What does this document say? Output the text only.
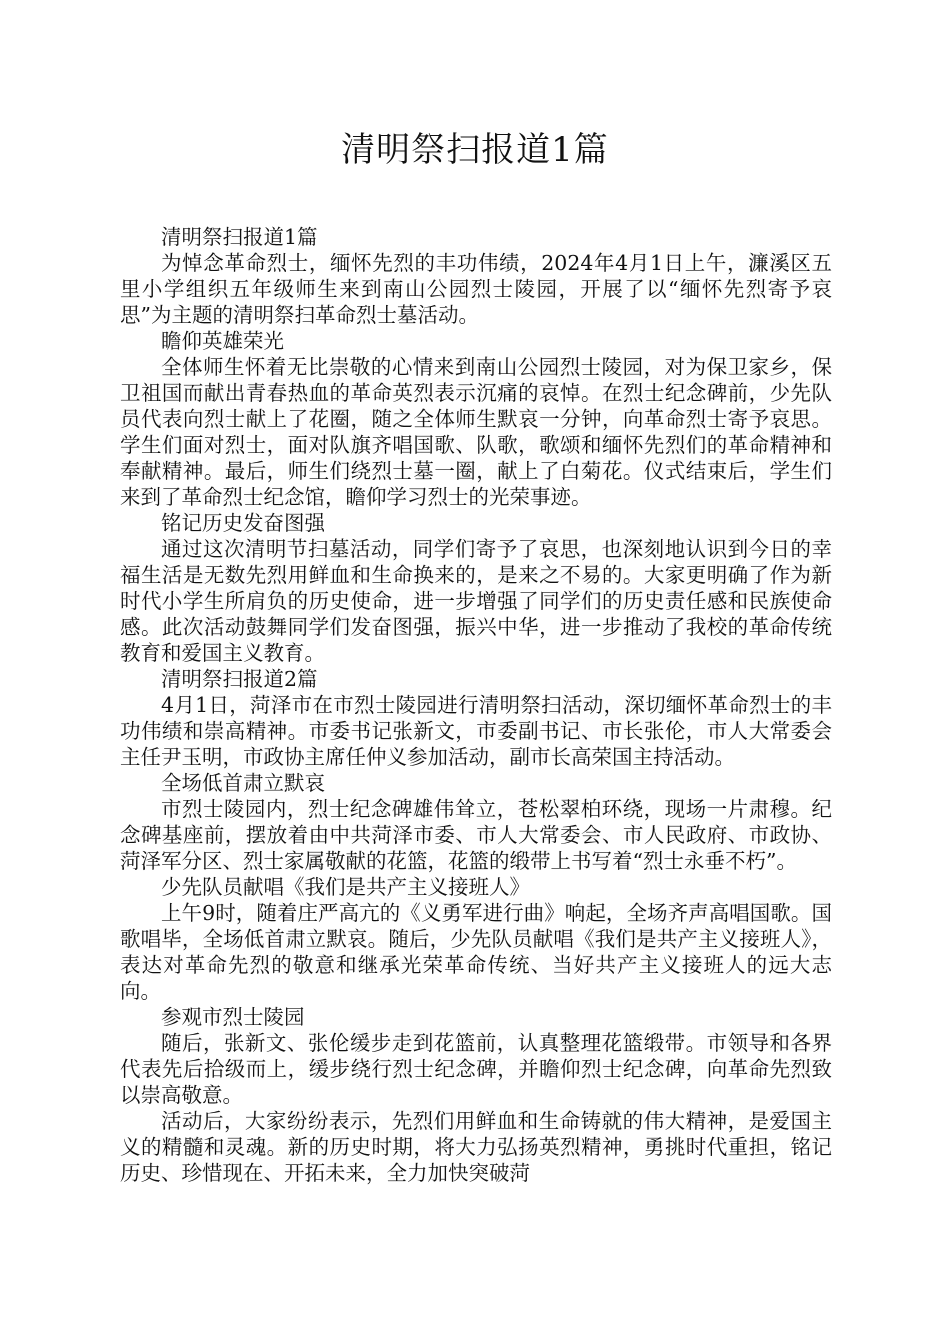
清明祭扫报道1篇

清明祭扫报道1篇

为悼念革命烈士，缅怀先烈的丰功伟绩，2024年4月1日上午，濂溪区五里小学组织五年级师生来到南山公园烈士陵园，开展了以“缅怀先烈寄予哀思”为主题的清明祭扫革命烈士墓活动。

瞻仰英雄荣光

全体师生怀着无比崇敬的心情来到南山公园烈士陵园，对为保卫家乡，保卫祖国而献出青春热血的革命英烈表示沉痛的哀悼。在烈士纪念碑前，少先队员代表向烈士献上了花圈，随之全体师生默哀一分钟，向革命烈士寄予哀思。学生们面对烈士，面对队旗齐唱国歌、队歌，歌颂和缅怀先烈们的革命精神和奉献精神。最后，师生们绕烈士墓一圈，献上了白菊花。仪式结束后，学生们来到了革命烈士纪念馆，瞻仰学习烈士的光荣事迹。

铭记历史发奋图强

通过这次清明节扫墓活动，同学们寄予了哀思，也深刻地认识到今日的幸福生活是无数先烈用鲜血和生命换来的，是来之不易的。大家更明确了作为新时代小学生所肩负的历史使命，进一步增强了同学们的历史责任感和民族使命感。此次活动鼓舞同学们发奋图强，振兴中华，进一步推动了我校的革命传统教育和爱国主义教育。

清明祭扫报道2篇

4月1日，菏泽市在市烈士陵园进行清明祭扫活动，深切缅怀革命烈士的丰功伟绩和崇高精神。市委书记张新文，市委副书记、市长张伦，市人大常委会主任尹玉明，市政协主席任仲义参加活动，副市长高荣国主持活动。

全场低首肃立默哀

市烈士陵园内，烈士纪念碑雄伟耸立，苍松翠柏环绕，现场一片肃穆。纪念碑基座前，摆放着由中共菏泽市委、市人大常委会、市人民政府、市政协、菏泽军分区、烈士家属敬献的花篮，花篮的缎带上书写着“烈士永垂不朽”。

少先队员献唱《我们是共产主义接班人》

上午9时，随着庄严高亢的《义勇军进行曲》响起，全场齐声高唱国歌。国歌唱毕，全场低首肃立默哀。随后，少先队员献唱《我们是共产主义接班人》，表达对革命先烈的敬意和继承光荣革命传统、当好共产主义接班人的远大志向。

参观市烈士陵园

随后，张新文、张伦缓步走到花篮前，认真整理花篮缎带。市领导和各界代表先后拾级而上，缓步绕行烈士纪念碑，并瞻仰烈士纪念碑，向革命先烈致以崇高敬意。

活动后，大家纷纷表示，先烈们用鲜血和生命铸就的伟大精神，是爱国主义的精髓和灵魂。新的历史时期，将大力弘扬英烈精神，勇挑时代重担，铭记历史、珍惜现在、开拓未来，全力加快突破菏
